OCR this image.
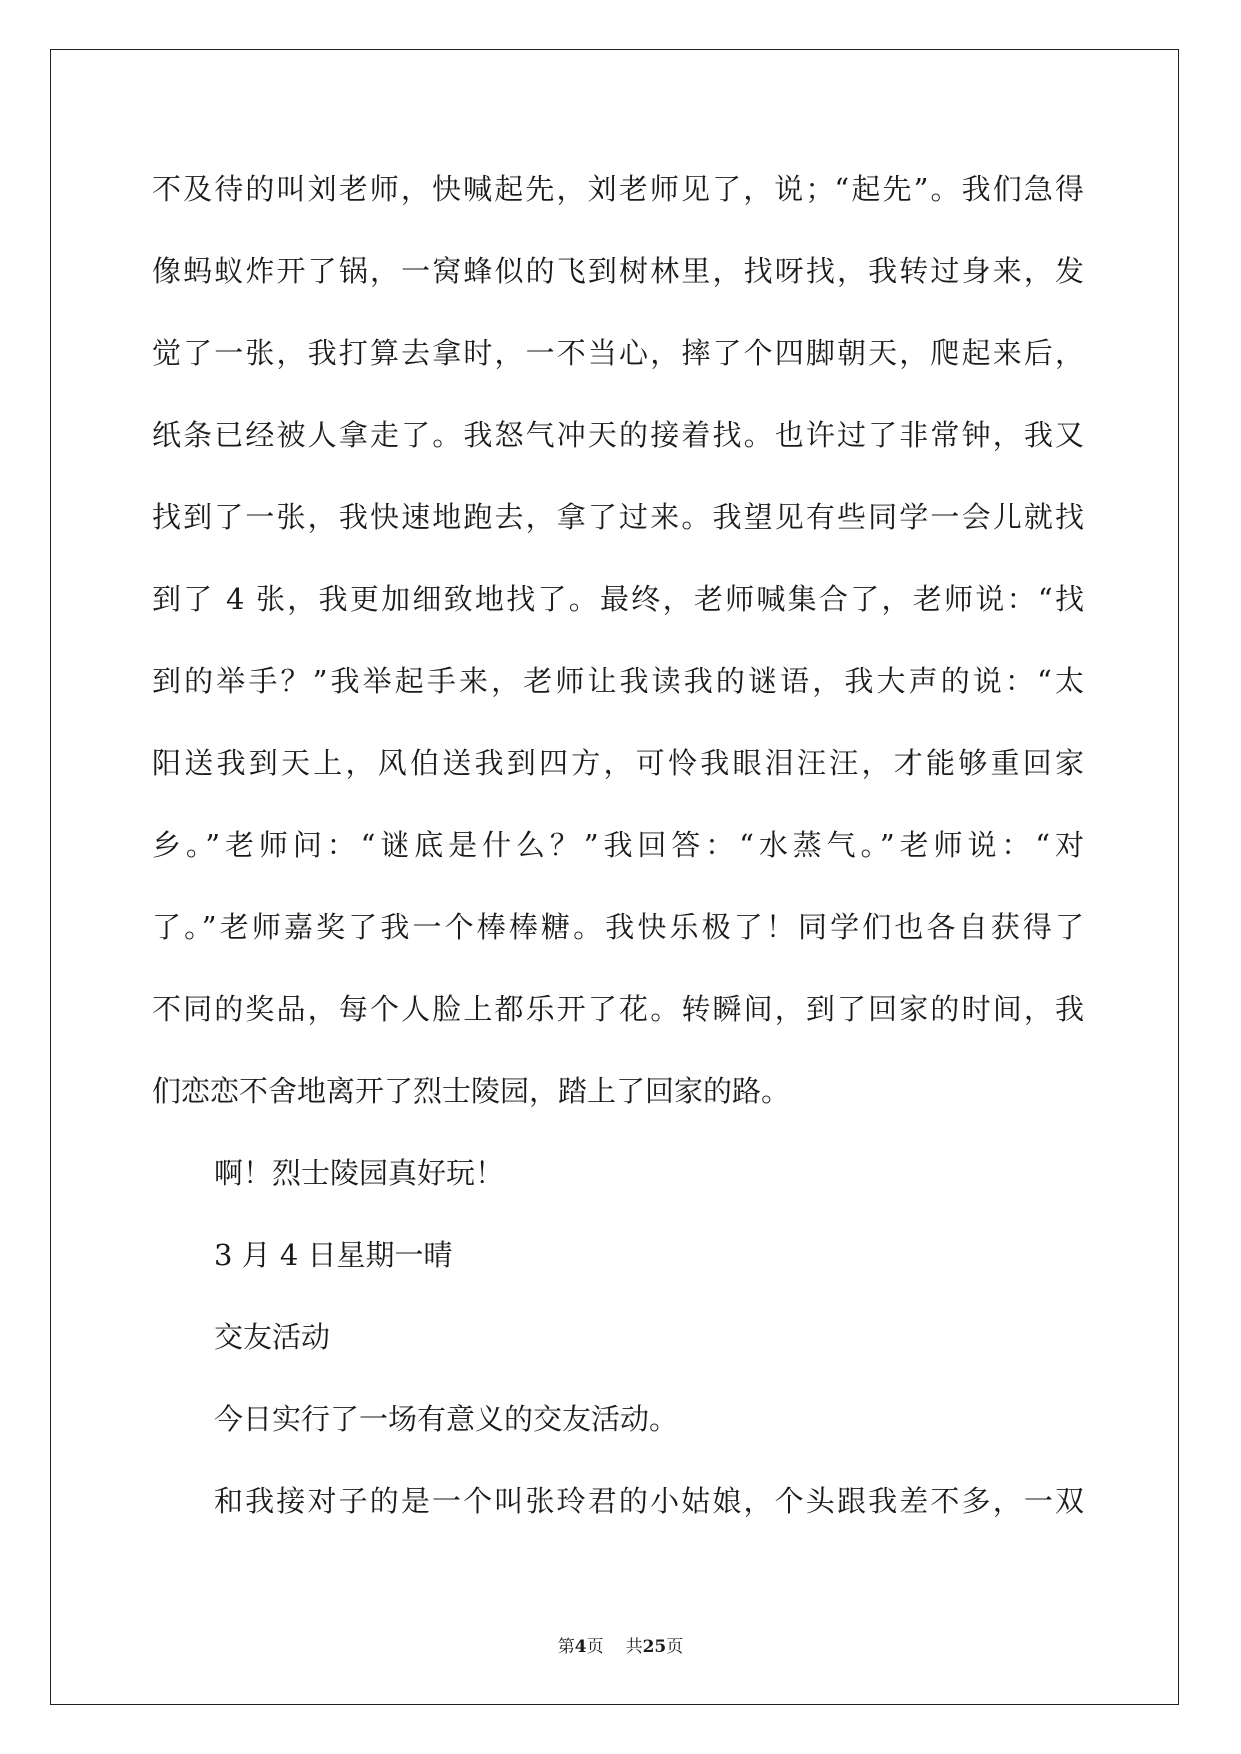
不及待的叫刘老师，快喊起先，刘老师见了，说；“起先”。我们急得
像蚂蚁炸开了锅，一窝蜂似的飞到树林里，找呀找，我转过身来，发
觉了一张，我打算去拿时，一不当心，摔了个四脚朝天，爬起来后，
纸条已经被人拿走了。我怒气冲天的接着找。也许过了非常钟，我又
找到了一张，我快速地跑去，拿了过来。我望见有些同学一会儿就找
到了 4 张，我更加细致地找了。最终，老师喊集合了，老师说：“找
到的举手？”我举起手来，老师让我读我的谜语，我大声的说：“太
阳送我到天上，风伯送我到四方，可怜我眼泪汪汪，才能够重回家
乡。”老师问：“谜底是什么？”我回答：“水蒸气。”老师说：“对
了。”老师嘉奖了我一个棒棒糖。我快乐极了！同学们也各自获得了
不同的奖品，每个人脸上都乐开了花。转瞬间，到了回家的时间，我
们恋恋不舍地离开了烈士陵园，踏上了回家的路。
啊！烈士陵园真好玩！
3 月 4 日星期一晴
交友活动
今日实行了一场有意义的交友活动。
和我接对子的是一个叫张玲君的小姑娘，个头跟我差不多，一双
第4页 共25页
